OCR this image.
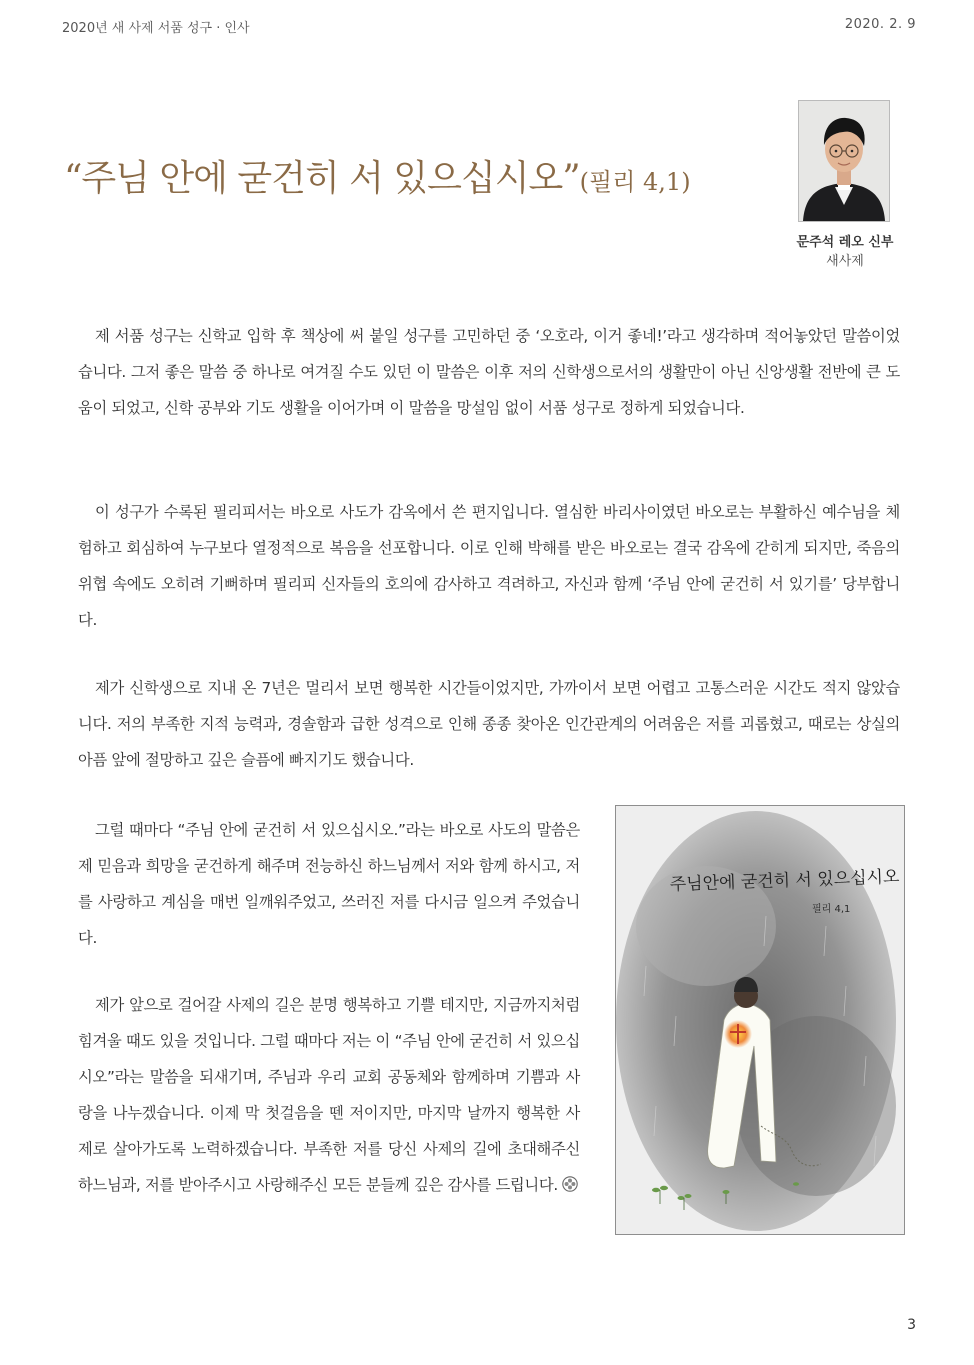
2020년 새 사제 서품 성구 · 인사	2020. 2. 9
“주님 안에 굳건히 서 있으십시오”(필리 4,1)
문주석 레오 신부
새사제

제 서품 성구는 신학교 입학 후 책상에 써 붙일 성구를 고민하던 중 ‘오호라, 이거 좋네!’라고 생각하며 적어놓았던 말씀이었습니다. 그저 좋은 말씀 중 하나로 여겨질 수도 있던 이 말씀은 이후 저의 신학생으로서의 생활만이 아닌 신앙생활 전반에 큰 도움이 되었고, 신학 공부와 기도 생활을 이어가며 이 말씀을 망설임 없이 서품 성구로 정하게 되었습니다.

이 성구가 수록된 필리피서는 바오로 사도가 감옥에서 쓴 편지입니다. 열심한 바리사이였던 바오로는 부활하신 예수님을 체험하고 회심하여 누구보다 열정적으로 복음을 선포합니다. 이로 인해 박해를 받은 바오로는 결국 감옥에 갇히게 되지만, 죽음의 위협 속에도 오히려 기뻐하며 필리피 신자들의 호의에 감사하고 격려하고, 자신과 함께 ‘주님 안에 굳건히 서 있기를’ 당부합니다.

제가 신학생으로 지내 온 7년은 멀리서 보면 행복한 시간들이었지만, 가까이서 보면 어렵고 고통스러운 시간도 적지 않았습니다. 저의 부족한 지적 능력과, 경솔함과 급한 성격으로 인해 종종 찾아온 인간관계의 어려움은 저를 괴롭혔고, 때로는 상실의 아픔 앞에 절망하고 깊은 슬픔에 빠지기도 했습니다.

그럴 때마다 “주님 안에 굳건히 서 있으십시오.”라는 바오로 사도의 말씀은 제 믿음과 희망을 굳건하게 해주며 전능하신 하느님께서 저와 함께 하시고, 저를 사랑하고 계심을 매번 일깨워주었고, 쓰러진 저를 다시금 일으켜 주었습니다.

제가 앞으로 걸어갈 사제의 길은 분명 행복하고 기쁠 테지만, 지금까지처럼 힘겨울 때도 있을 것입니다. 그럴 때마다 저는 이 “주님 안에 굳건히 서 있으십시오”라는 말씀을 되새기며, 주님과 우리 교회 공동체와 함께하며 기쁨과 사랑을 나누겠습니다. 이제 막 첫걸음을 뗀 저이지만, 마지막 날까지 행복한 사제로 살아가도록 노력하겠습니다. 부족한 저를 당신 사제의 길에 초대해주신 하느님과, 저를 받아주시고 사랑해주신 모든 분들께 깊은 감사를 드립니다.

주님안에 굳건히 서 있으십시오
필리 4,1
3
